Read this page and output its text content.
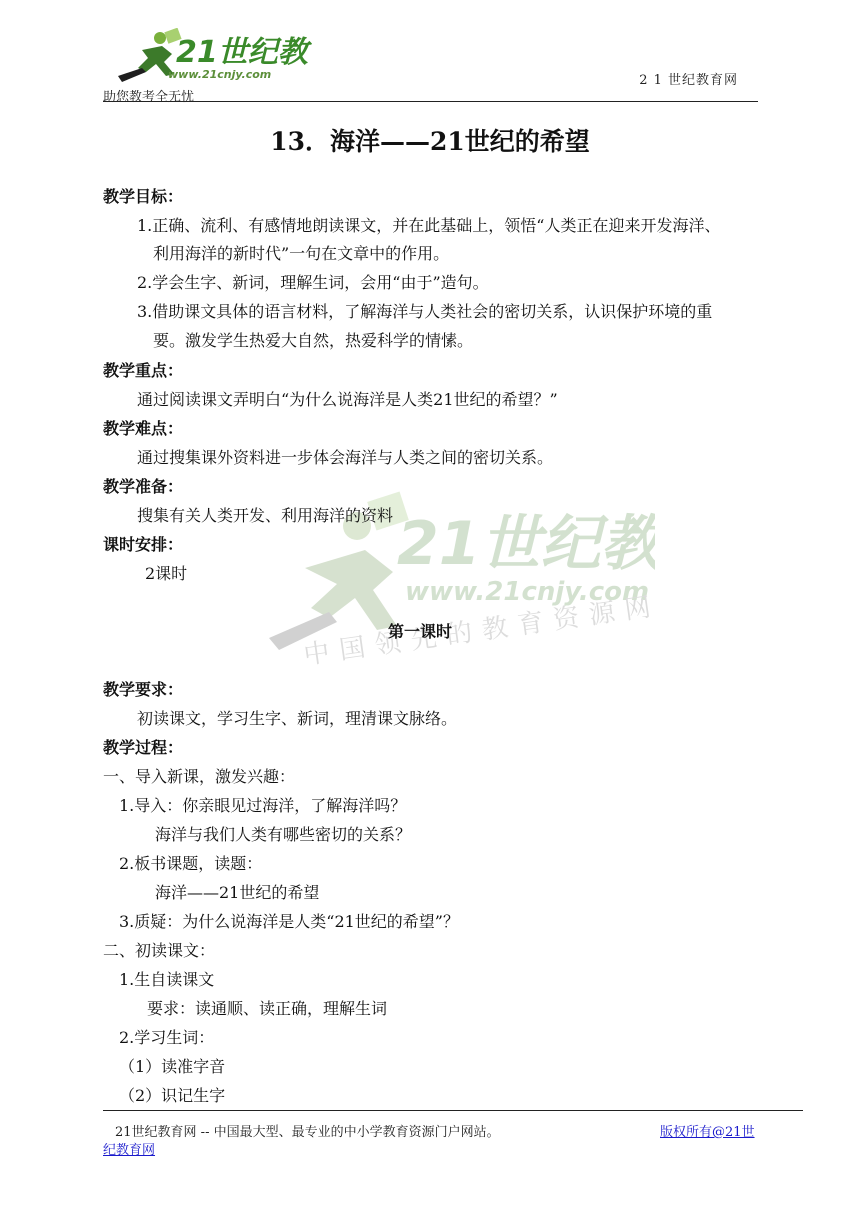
21世纪教
www.21cnjy.com	2 1 世纪教育网
助您教考全无忧
13．海洋——21世纪的希望
21世纪教
www.21cnjy.com
中国领先的教育资源网站
教学目标：
1.正确、流利、有感情地朗读课文，并在此基础上，领悟“人类正在迎来开发海洋、
利用海洋的新时代”一句在文章中的作用。
2.学会生字、新词，理解生词，会用“由于”造句。
3.借助课文具体的语言材料，了解海洋与人类社会的密切关系，认识保护环境的重
要。激发学生热爱大自然，热爱科学的情愫。
教学重点：
通过阅读课文弄明白“为什么说海洋是人类21世纪的希望？”
教学难点：
通过搜集课外资料进一步体会海洋与人类之间的密切关系。
教学准备：
搜集有关人类开发、利用海洋的资料
课时安排：
2课时
第一课时
教学要求：
初读课文，学习生字、新词，理清课文脉络。
教学过程：
一、导入新课，激发兴趣：
1.导入：你亲眼见过海洋，了解海洋吗？
海洋与我们人类有哪些密切的关系？
2.板书课题，读题：
海洋——21世纪的希望
3.质疑：为什么说海洋是人类“21世纪的希望”？
二、初读课文：
1.生自读课文
要求：读通顺、读正确，理解生词
2.学习生词：
（1）读准字音
（2）识记生字
21世纪教育网 -- 中国最大型、最专业的中小学教育资源门户网站。	版权所有@21世
纪教育网
